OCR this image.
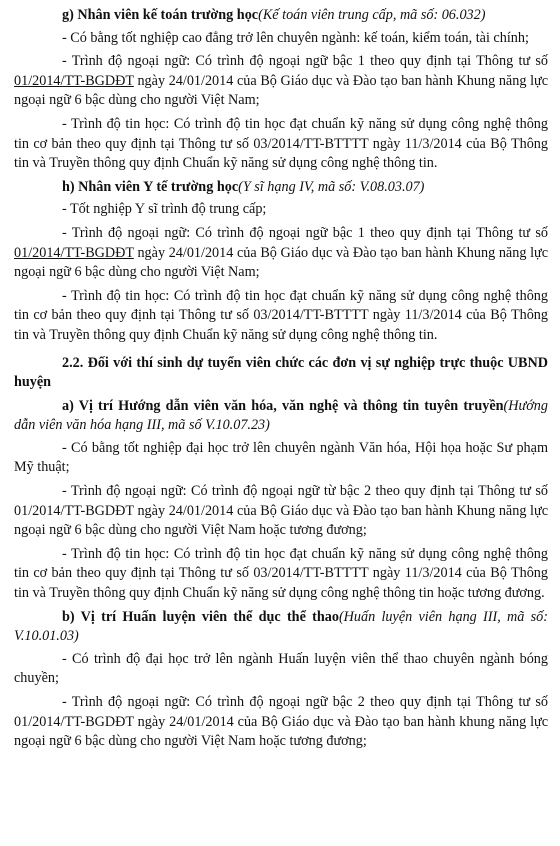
g) Nhân viên kế toán trường học(Kế toán viên trung cấp, mã số: 06.032)

- Có bằng tốt nghiệp cao đẳng trở lên chuyên ngành: kế toán, kiểm toán, tài chính;

- Trình độ ngoại ngữ: Có trình độ ngoại ngữ bậc 1 theo quy định tại Thông tư số 01/2014/TT-BGDĐT ngày 24/01/2014 của Bộ Giáo dục và Đào tạo ban hành Khung năng lực ngoại ngữ 6 bậc dùng cho người Việt Nam;

- Trình độ tin học: Có trình độ tin học đạt chuẩn kỹ năng sử dụng công nghệ thông tin cơ bản theo quy định tại Thông tư số 03/2014/TT-BTTTT ngày 11/3/2014 của Bộ Thông tin và Truyền thông quy định Chuẩn kỹ năng sử dụng công nghệ thông tin.

h) Nhân viên Y tế trường học(Y sĩ hạng IV, mã số: V.08.03.07)

- Tốt nghiệp Y sĩ trình độ trung cấp;

- Trình độ ngoại ngữ: Có trình độ ngoại ngữ bậc 1 theo quy định tại Thông tư số 01/2014/TT-BGDĐT ngày 24/01/2014 của Bộ Giáo dục và Đào tạo ban hành Khung năng lực ngoại ngữ 6 bậc dùng cho người Việt Nam;

- Trình độ tin học: Có trình độ tin học đạt chuẩn kỹ năng sử dụng công nghệ thông tin cơ bản theo quy định tại Thông tư số 03/2014/TT-BTTTT ngày 11/3/2014 của Bộ Thông tin và Truyền thông quy định Chuẩn kỹ năng sử dụng công nghệ thông tin.

2.2. Đối với thí sinh dự tuyển viên chức các đơn vị sự nghiệp trực thuộc UBND huyện

a) Vị trí Hướng dẫn viên văn hóa, văn nghệ và thông tin tuyên truyền(Hướng dẫn viên văn hóa hạng III, mã số V.10.07.23)

- Có bằng tốt nghiệp đại học trở lên chuyên ngành Văn hóa, Hội họa hoặc Sư phạm Mỹ thuật;

- Trình độ ngoại ngữ: Có trình độ ngoại ngữ từ bậc 2 theo quy định tại Thông tư số 01/2014/TT-BGDĐT ngày 24/01/2014 của Bộ Giáo dục và Đào tạo ban hành Khung năng lực ngoại ngữ 6 bậc dùng cho người Việt Nam hoặc tương đương;

- Trình độ tin học: Có trình độ tin học đạt chuẩn kỹ năng sử dụng công nghệ thông tin cơ bản theo quy định tại Thông tư số 03/2014/TT-BTTTT ngày 11/3/2014 của Bộ Thông tin và Truyền thông quy định Chuẩn kỹ năng sử dụng công nghệ thông tin hoặc tương đương.

b) Vị trí Huấn luyện viên thể dục thể thao(Huấn luyện viên hạng III, mã số: V.10.01.03)

- Có trình độ đại học trở lên ngành Huấn luyện viên thể thao chuyên ngành bóng chuyền;

- Trình độ ngoại ngữ: Có trình độ ngoại ngữ bậc 2 theo quy định tại Thông tư số 01/2014/TT-BGDĐT ngày 24/01/2014 của Bộ Giáo dục và Đào tạo ban hành khung năng lực ngoại ngữ 6 bậc dùng cho người Việt Nam hoặc tương đương;
